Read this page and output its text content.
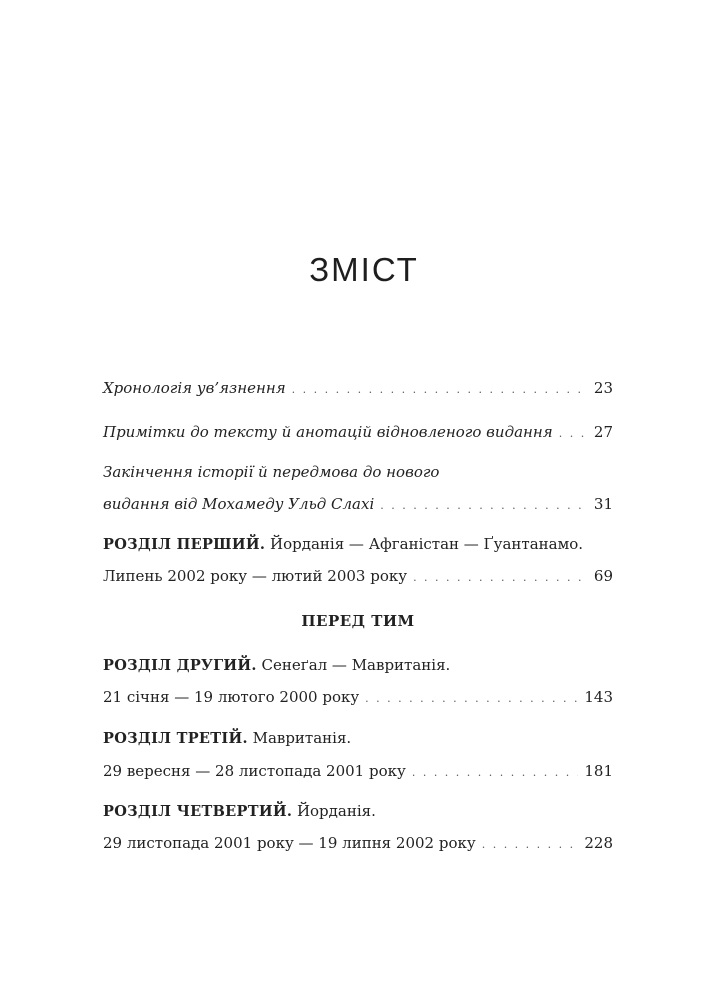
ЗМІСТ
Хронологія ув’язнення . . .	23
Примітки до тексту й анотацій відновленого видання . . .	27
Закінчення історії й передмова до нового
видання від Мохамеду Ульд Слахі . . .	31
РОЗДІЛ ПЕРШИЙ. Йорданія — Афганістан — Ґуантанамо.
Липень 2002 року — лютий 2003 року . . .	69
ПЕРЕД ТИМ
РОЗДІЛ ДРУГИЙ. Сенеґал — Мавританія.
21 січня — 19 лютого 2000 року . . .	143
РОЗДІЛ ТРЕТІЙ. Мавританія.
29 вересня — 28 листопада 2001 року . . .	181
РОЗДІЛ ЧЕТВЕРТИЙ. Йорданія.
29 листопада 2001 року — 19 липня 2002 року . . .	228
